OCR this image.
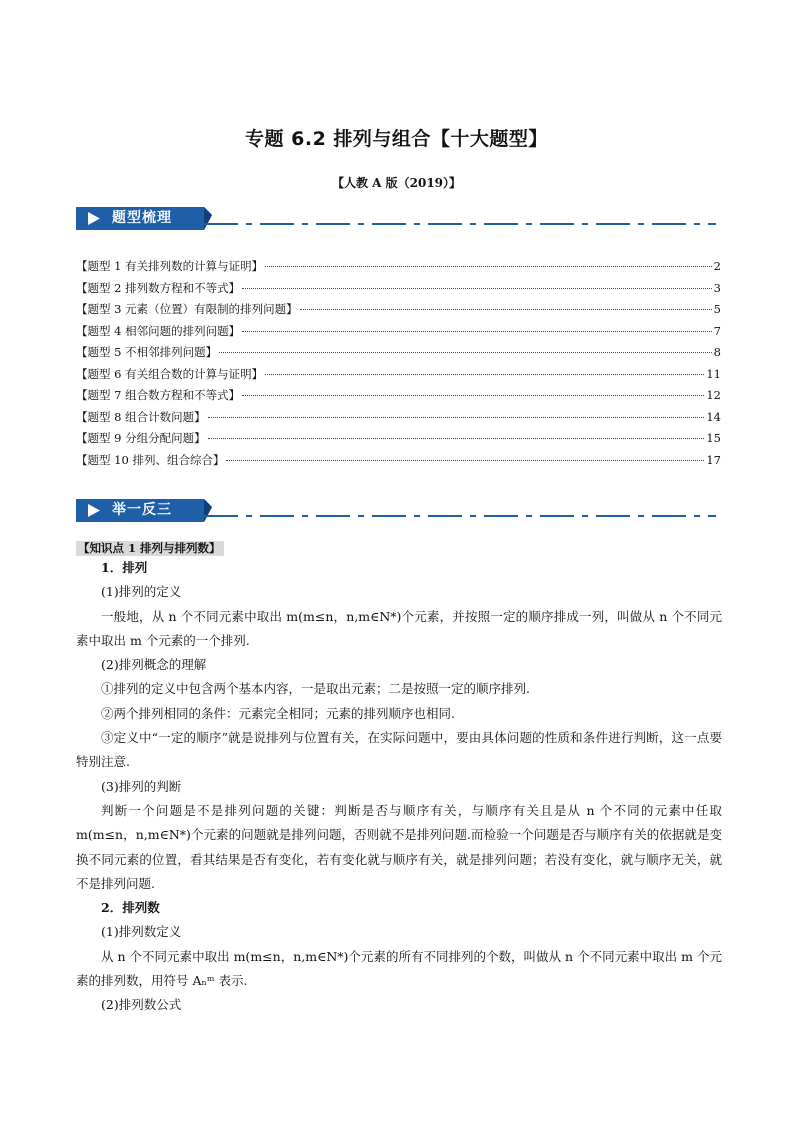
专题 6.2 排列与组合【十大题型】
【人教 A 版（2019）】
题型梳理
【题型 1 有关排列数的计算与证明】	2
【题型 2 排列数方程和不等式】	3
【题型 3 元素（位置）有限制的排列问题】	5
【题型 4 相邻问题的排列问题】	7
【题型 5 不相邻排列问题】	8
【题型 6 有关组合数的计算与证明】	11
【题型 7 组合数方程和不等式】	12
【题型 8 组合计数问题】	14
【题型 9 分组分配问题】	15
【题型 10 排列、组合综合】	17
举一反三
【知识点 1 排列与排列数】

1．排列

(1)排列的定义

一般地，从 n 个不同元素中取出 m(m≤n，n,m∈N*)个元素，并按照一定的顺序排成一列，叫做从 n 个不同元素中取出 m 个元素的一个排列.

(2)排列概念的理解

①排列的定义中包含两个基本内容，一是取出元素；二是按照一定的顺序排列.

②两个排列相同的条件：元素完全相同；元素的排列顺序也相同.

③定义中“一定的顺序”就是说排列与位置有关，在实际问题中，要由具体问题的性质和条件进行判断，这一点要特别注意.

(3)排列的判断

判断一个问题是不是排列问题的关键：判断是否与顺序有关，与顺序有关且是从 n 个不同的元素中任取 m(m≤n，n,m∈N*)个元素的问题就是排列问题，否则就不是排列问题.而检验一个问题是否与顺序有关的依据就是变换不同元素的位置，看其结果是否有变化，若有变化就与顺序有关，就是排列问题；若没有变化，就与顺序无关，就不是排列问题.

2．排列数

(1)排列数定义

从 n 个不同元素中取出 m(m≤n，n,m∈N*)个元素的所有不同排列的个数，叫做从 n 个不同元素中取出 m 个元素的排列数，用符号 Aₙᵐ 表示.

(2)排列数公式
